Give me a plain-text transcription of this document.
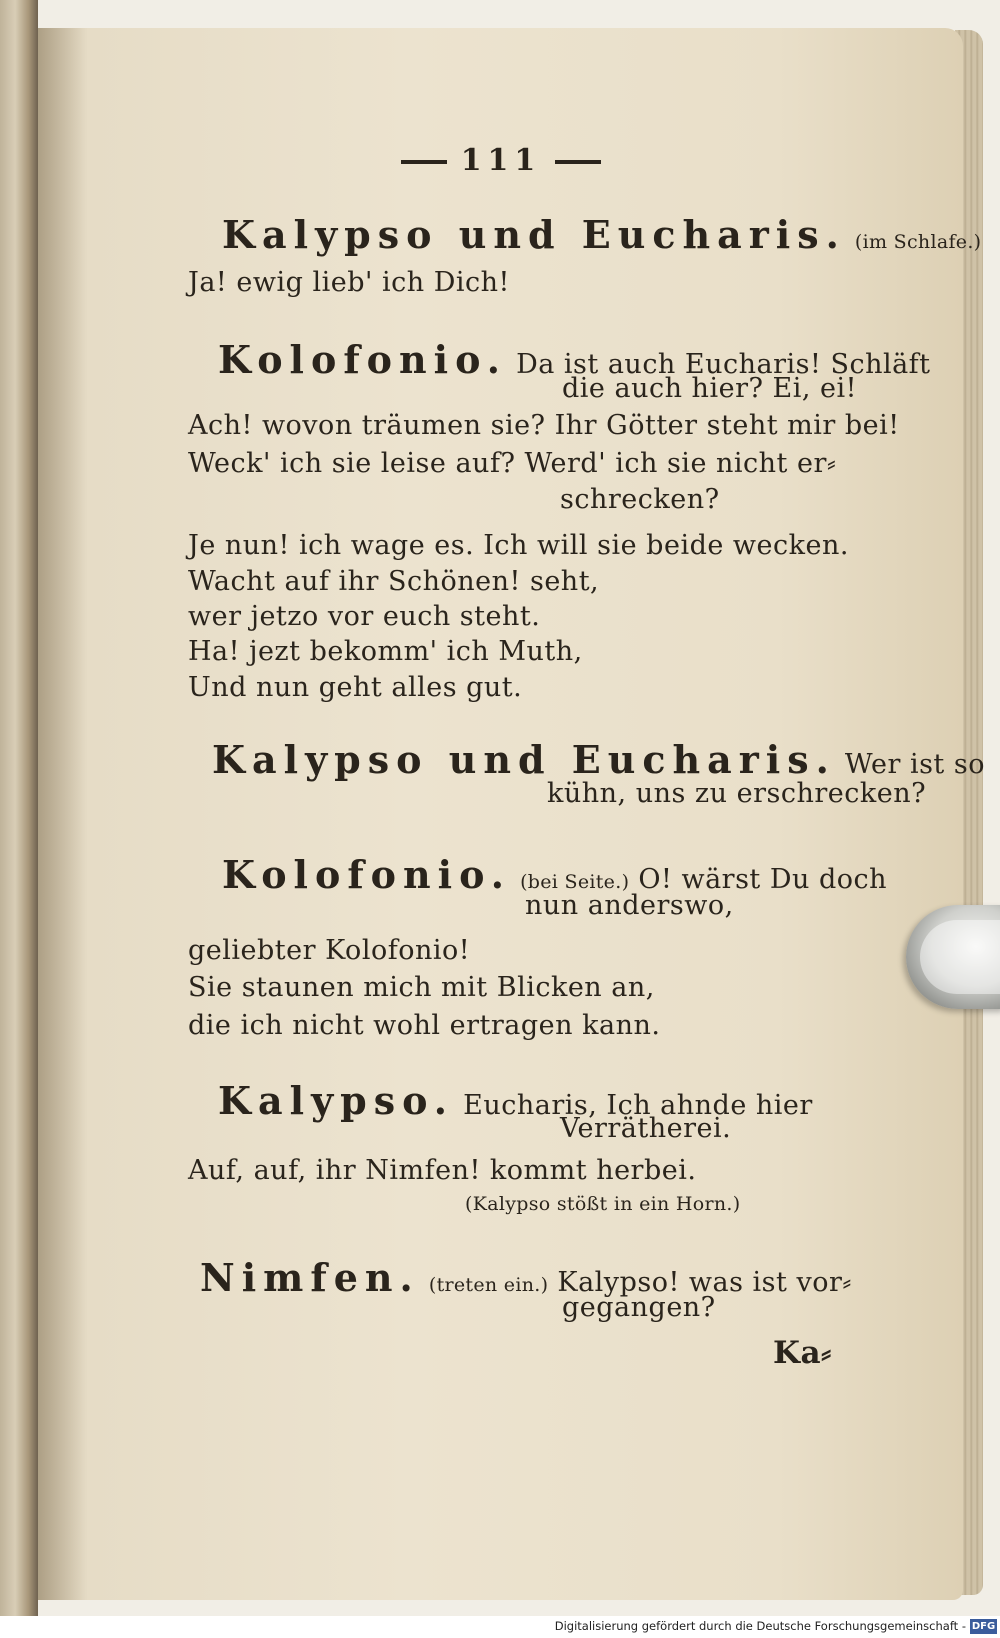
111
Kalypso und Eucharis. (im Schlafe.)
Ja! ewig lieb' ich Dich!
Kolofonio. Da ist auch Eucharis! Schläft
die auch hier? Ei, ei!
Ach! wovon träumen sie? Ihr Götter steht mir bei!
Weck' ich sie leise auf? Werd' ich sie nicht er⸗
schrecken?
Je nun! ich wage es. Ich will sie beide wecken.
Wacht auf ihr Schönen! seht,
wer jetzo vor euch steht.
Ha! jezt bekomm' ich Muth,
Und nun geht alles gut.
Kalypso und Eucharis. Wer ist so
kühn, uns zu erschrecken?
Kolofonio. (bei Seite.) O! wärst Du doch
nun anderswo,
geliebter Kolofonio!
Sie staunen mich mit Blicken an,
die ich nicht wohl ertragen kann.
Kalypso. Eucharis, Ich ahnde hier
Verrätherei.
Auf, auf, ihr Nimfen! kommt herbei.
(Kalypso stößt in ein Horn.)
Nimfen. (treten ein.) Kalypso! was ist vor⸗
gegangen?
Ka⸗
Digitalisierung gefördert durch die Deutsche Forschungsgemeinschaft - DFG
